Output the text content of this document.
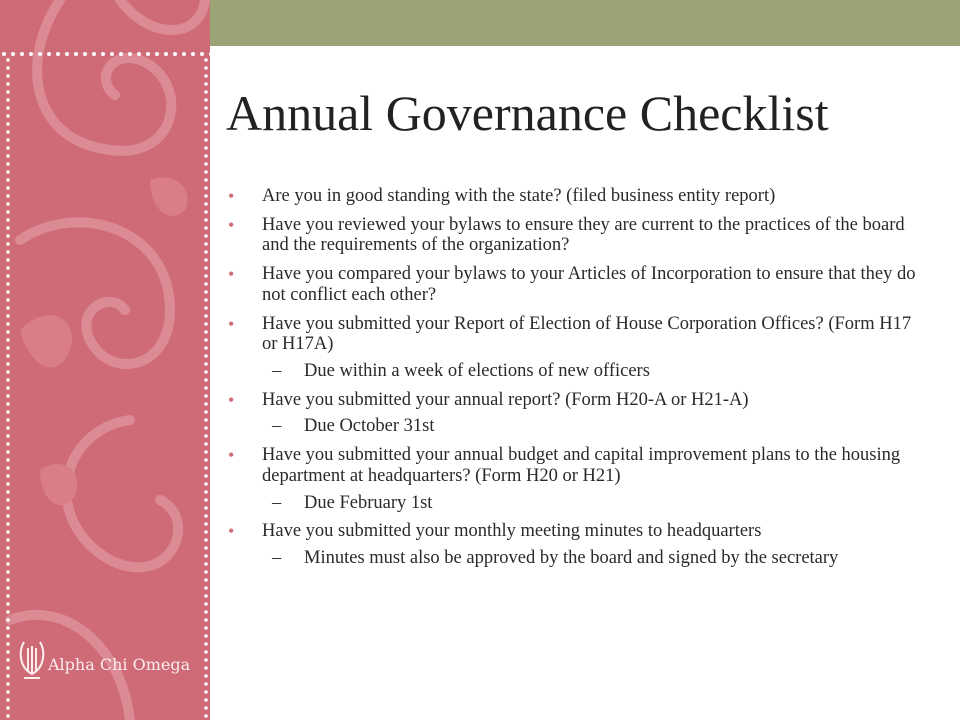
Alpha Chi Omega
Annual Governance Checklist
• Are you in good standing with the state? (filed business entity report)
• Have you reviewed your bylaws to ensure they are current to the practices of the board and the requirements of the organization?
• Have you compared your bylaws to your Articles of Incorporation to ensure that they do not conflict each other?
• Have you submitted your Report of Election of House Corporation Offices? (Form H17 or H17A)
– Due within a week of elections of new officers
• Have you submitted your annual report? (Form H20-A or H21-A)
– Due October 31st
• Have you submitted your annual budget and capital improvement plans to the housing department at headquarters? (Form H20 or H21)
– Due February 1st
• Have you submitted your monthly meeting minutes to headquarters
– Minutes must also be approved by the board and signed by the secretary
